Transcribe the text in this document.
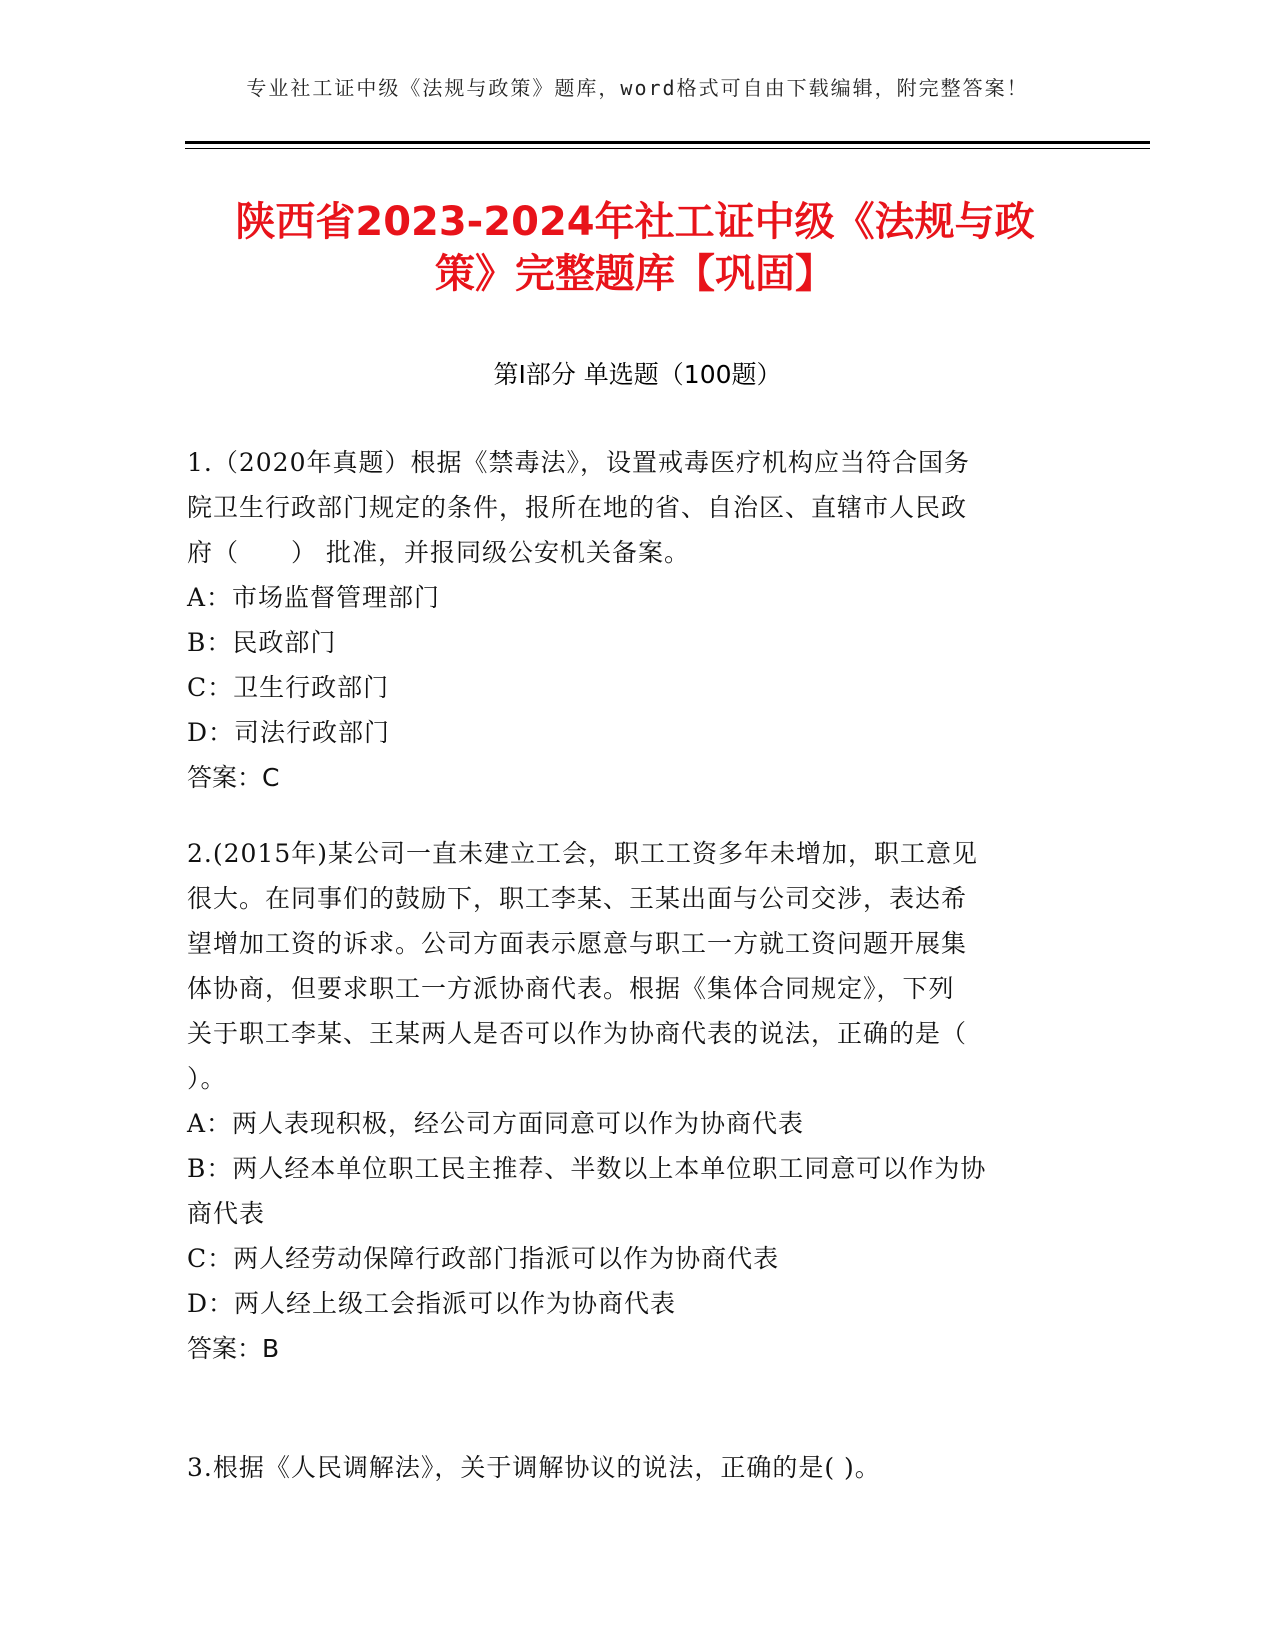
专业社工证中级《法规与政策》题库，word格式可自由下载编辑，附完整答案！
陕西省2023-2024年社工证中级《法规与政
策》完整题库【巩固】
第I部分 单选题（100题）

1.（2020年真题）根据《禁毒法》，设置戒毒医疗机构应当符合国务

院卫生行政部门规定的条件，报所在地的省、自治区、直辖市人民政

府（　　） 批准，并报同级公安机关备案。

A：市场监督管理部门

B：民政部门

C：卫生行政部门

D：司法行政部门

答案：C

2.(2015年)某公司一直未建立工会，职工工资多年未增加，职工意见

很大。在同事们的鼓励下，职工李某、王某出面与公司交涉，表达希

望增加工资的诉求。公司方面表示愿意与职工一方就工资问题开展集

体协商，但要求职工一方派协商代表。根据《集体合同规定》，下列

关于职工李某、王某两人是否可以作为协商代表的说法，正确的是（

）。

A：两人表现积极，经公司方面同意可以作为协商代表

B：两人经本单位职工民主推荐、半数以上本单位职工同意可以作为协

商代表

C：两人经劳动保障行政部门指派可以作为协商代表

D：两人经上级工会指派可以作为协商代表

答案：B

3.根据《人民调解法》，关于调解协议的说法，正确的是( )。
